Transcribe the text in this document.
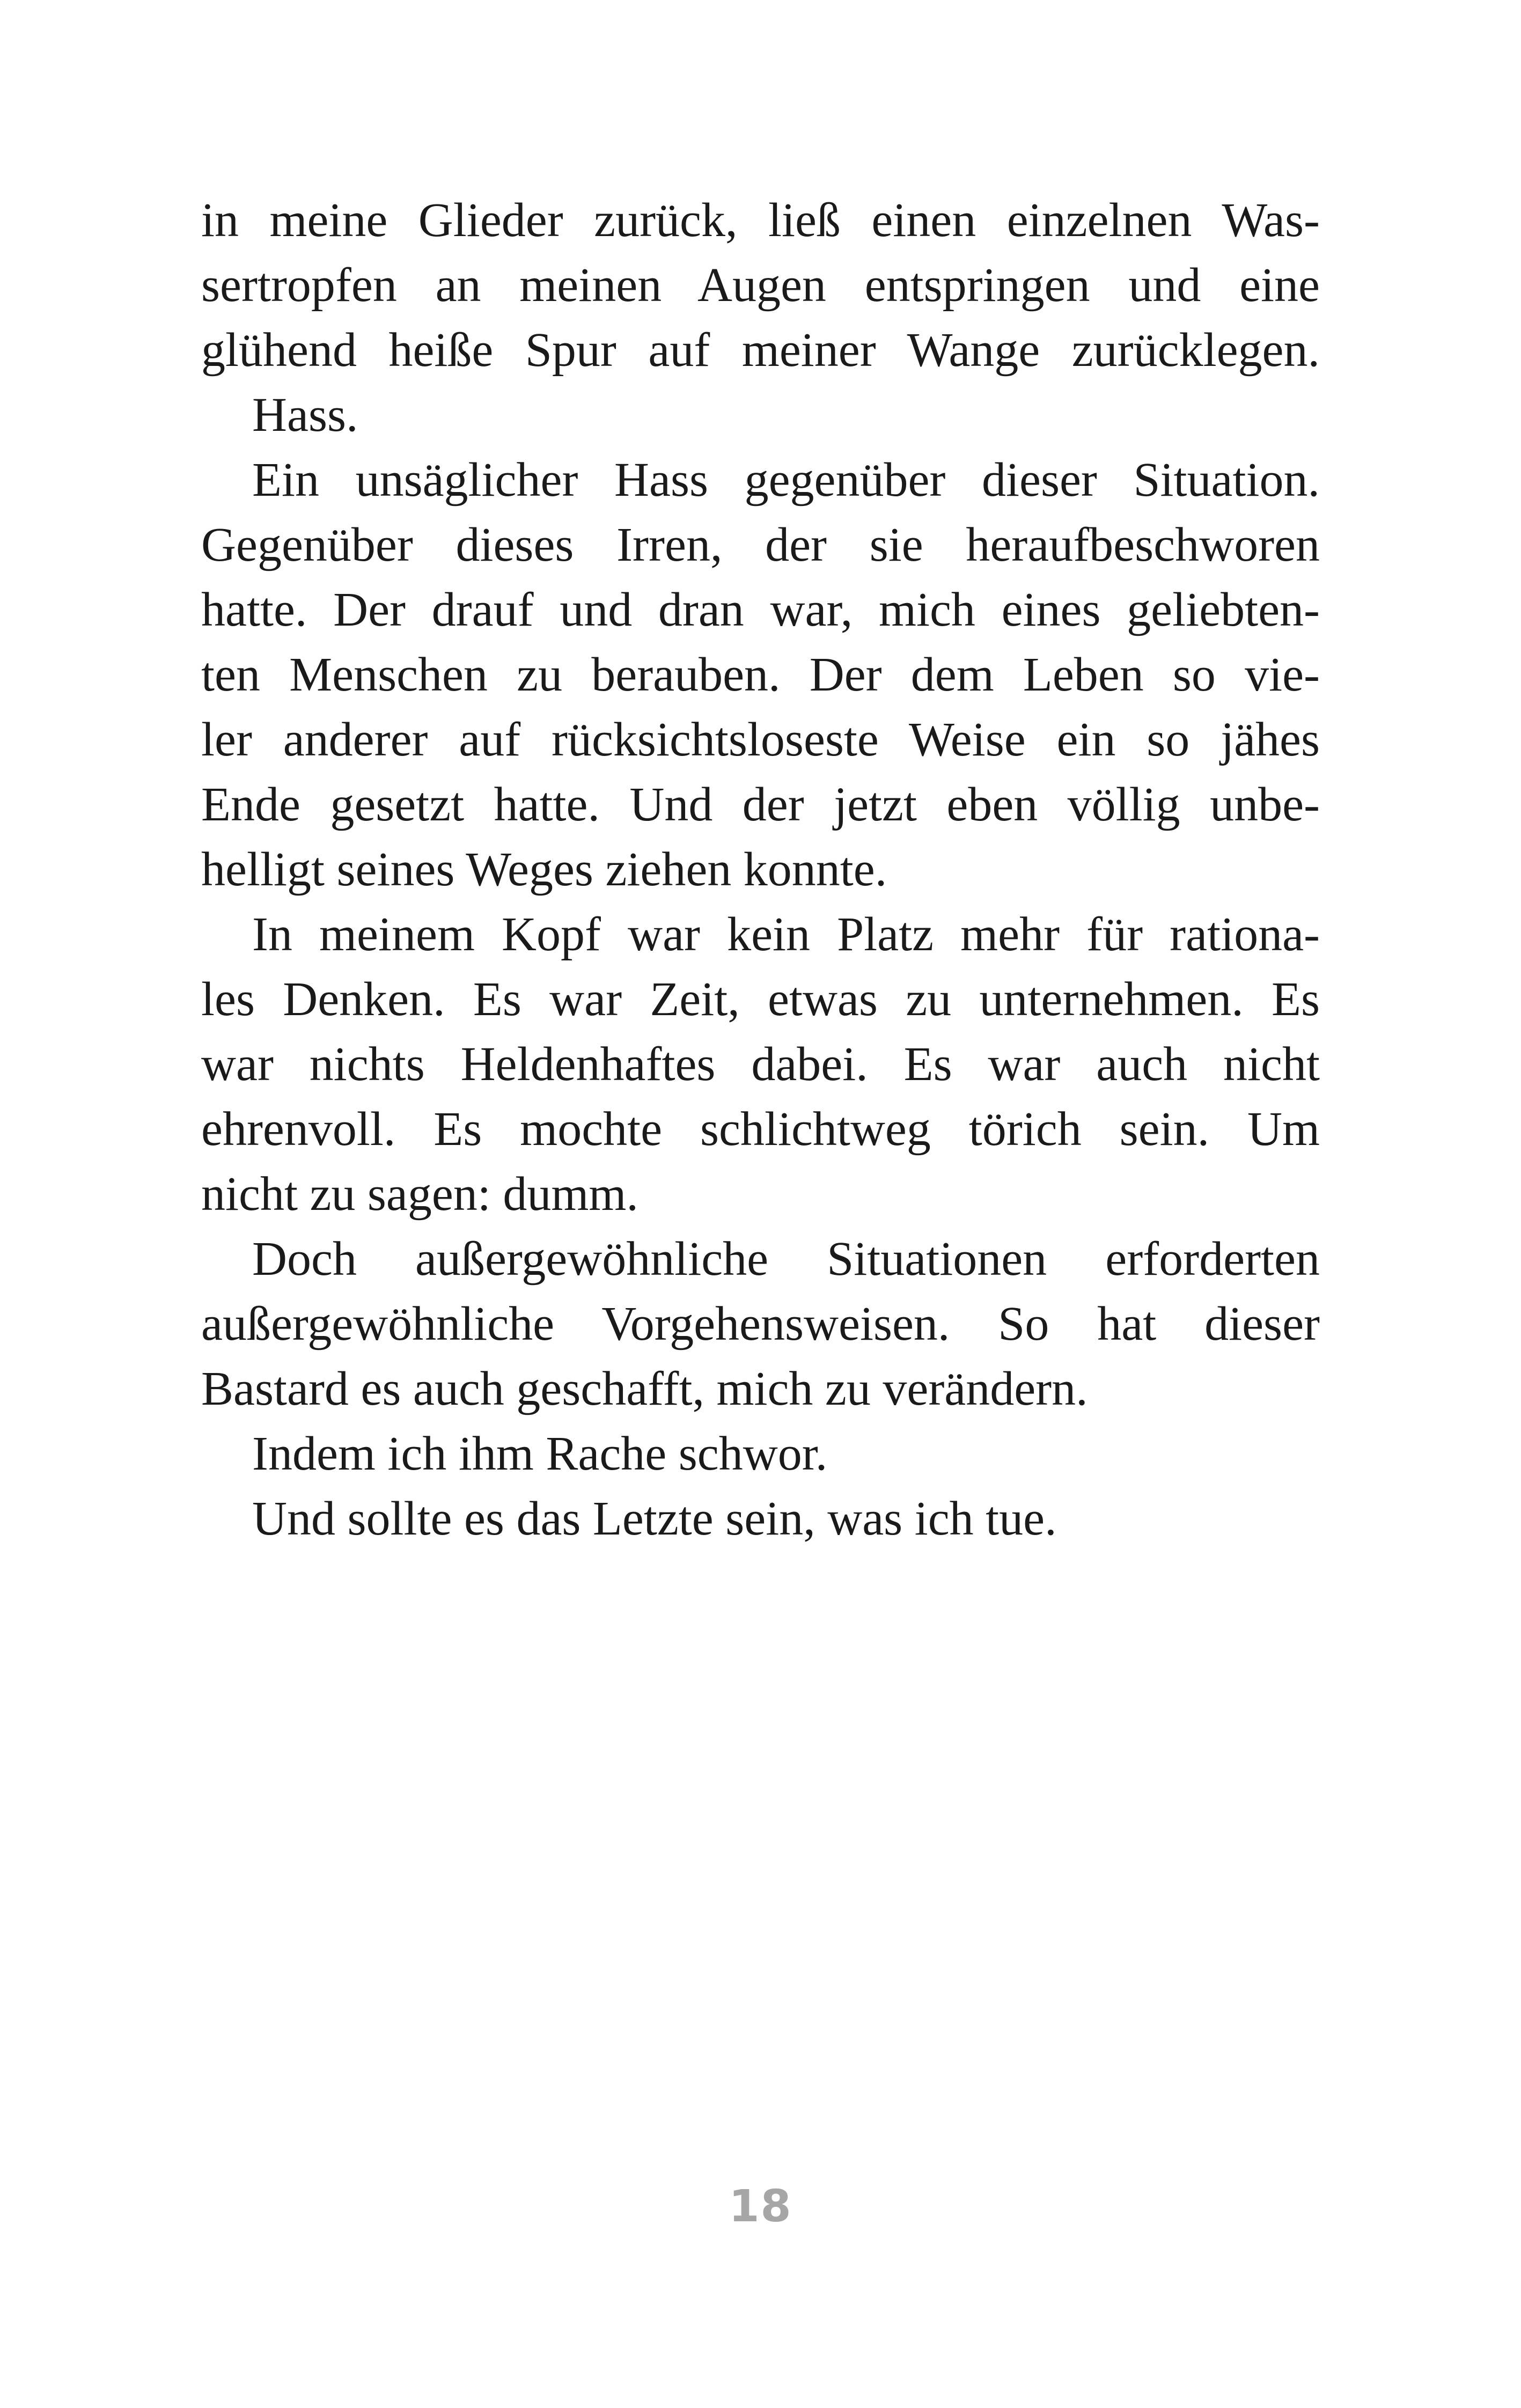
in meine Glieder zurück, ließ einen einzelnen Was-
sertropfen an meinen Augen entspringen und eine
glühend heiße Spur auf meiner Wange zurücklegen.
Hass.
Ein unsäglicher Hass gegenüber dieser Situation.
Gegenüber dieses Irren, der sie heraufbeschworen
hatte. Der drauf und dran war, mich eines geliebten-
ten Menschen zu berauben. Der dem Leben so vie-
ler anderer auf rücksichtsloseste Weise ein so jähes
Ende gesetzt hatte. Und der jetzt eben völlig unbe-
helligt seines Weges ziehen konnte.
In meinem Kopf war kein Platz mehr für rationa-
les Denken. Es war Zeit, etwas zu unternehmen. Es
war nichts Heldenhaftes dabei. Es war auch nicht
ehrenvoll. Es mochte schlichtweg törich sein. Um
nicht zu sagen: dumm.
Doch außergewöhnliche Situationen erforderten
außergewöhnliche Vorgehensweisen. So hat dieser
Bastard es auch geschafft, mich zu verändern.
Indem ich ihm Rache schwor.
Und sollte es das Letzte sein, was ich tue.
18
